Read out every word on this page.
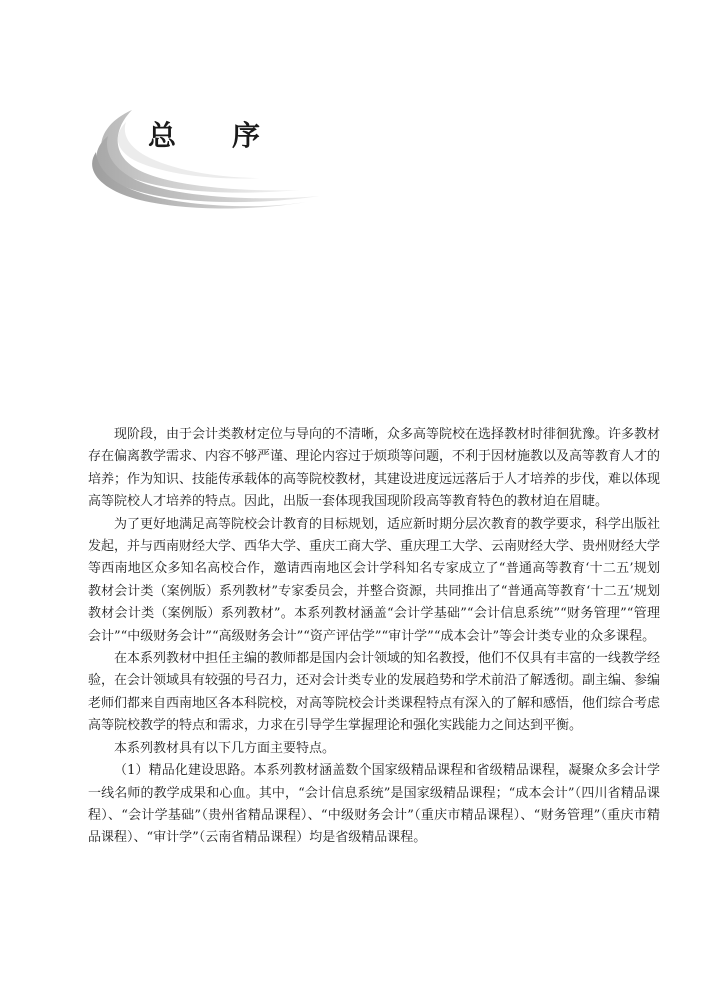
总 序

现阶段，由于会计类教材定位与导向的不清晰，众多高等院校在选择教材时徘徊犹豫。许多教材存在偏离教学需求、内容不够严谨、理论内容过于烦琐等问题，不利于因材施教以及高等教育人才的培养；作为知识、技能传承载体的高等院校教材，其建设进度远远落后于人才培养的步伐，难以体现高等院校人才培养的特点。因此，出版一套体现我国现阶段高等教育特色的教材迫在眉睫。

为了更好地满足高等院校会计教育的目标规划，适应新时期分层次教育的教学要求，科学出版社发起，并与西南财经大学、西华大学、重庆工商大学、重庆理工大学、云南财经大学、贵州财经大学等西南地区众多知名高校合作，邀请西南地区会计学科知名专家成立了“普通高等教育‘十二五’规划教材会计类（案例版）系列教材”专家委员会，并整合资源，共同推出了“普通高等教育‘十二五’规划教材会计类（案例版）系列教材”。本系列教材涵盖“会计学基础”“会计信息系统”“财务管理”“管理会计”“中级财务会计”“高级财务会计”“资产评估学”“审计学”“成本会计”等会计类专业的众多课程。

在本系列教材中担任主编的教师都是国内会计领域的知名教授，他们不仅具有丰富的一线教学经验，在会计领域具有较强的号召力，还对会计类专业的发展趋势和学术前沿了解透彻。副主编、参编老师们都来自西南地区各本科院校，对高等院校会计类课程特点有深入的了解和感悟，他们综合考虑高等院校教学的特点和需求，力求在引导学生掌握理论和强化实践能力之间达到平衡。

本系列教材具有以下几方面主要特点。

（1）精品化建设思路。本系列教材涵盖数个国家级精品课程和省级精品课程，凝聚众多会计学一线名师的教学成果和心血。其中，“会计信息系统”是国家级精品课程；“成本会计”（四川省精品课程）、“会计学基础”（贵州省精品课程）、“中级财务会计”（重庆市精品课程）、“财务管理”（重庆市精品课程）、“审计学”（云南省精品课程）均是省级精品课程。
